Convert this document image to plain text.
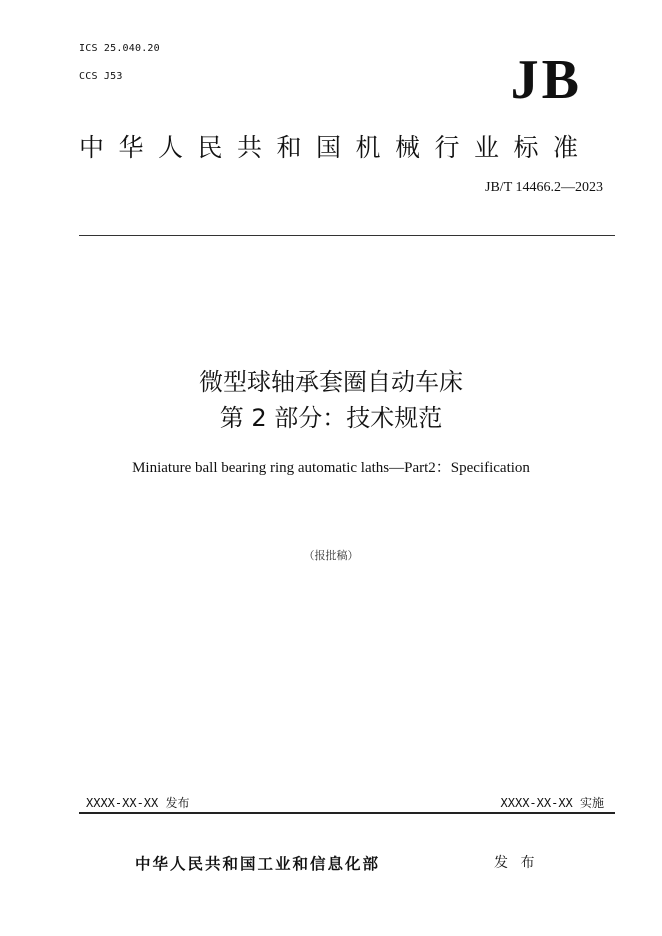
ICS 25.040.20
CCS J53	JB
中华人民共和国机械行业标准
JB/T 14466.2—2023
微型球轴承套圈自动车床
第 2 部分：技术规范
Miniature ball bearing ring automatic laths—Part2：Specification
（报批稿）
XXXX-XX-XX 发布	XXXX-XX-XX 实施
中华人民共和国工业和信息化部	发 布
